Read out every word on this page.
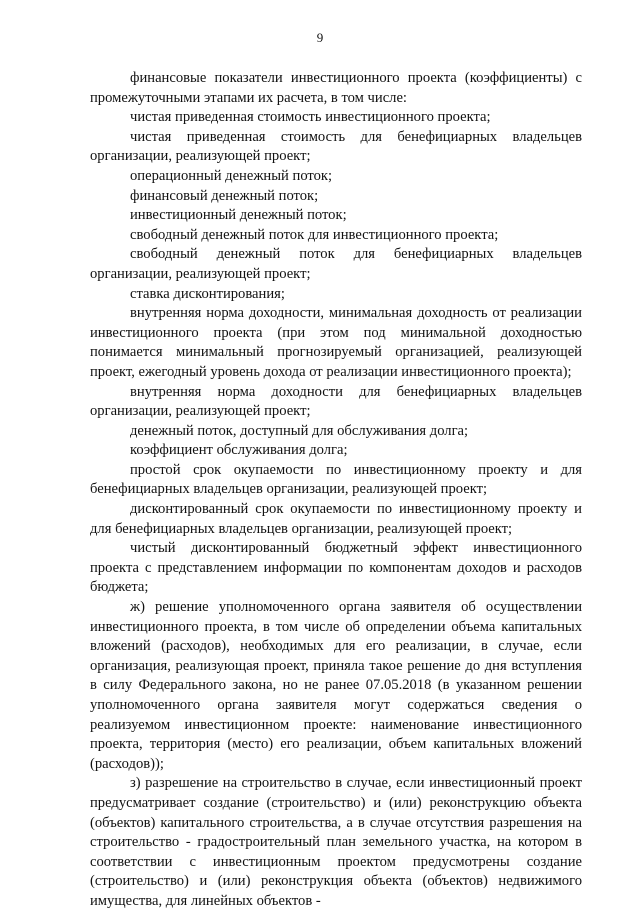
9

финансовые показатели инвестиционного проекта (коэффициенты) с промежуточными этапами их расчета, в том числе:

чистая приведенная стоимость инвестиционного проекта;

чистая приведенная стоимость для бенефициарных владельцев организации, реализующей проект;

операционный денежный поток;

финансовый денежный поток;

инвестиционный денежный поток;

свободный денежный поток для инвестиционного проекта;

свободный денежный поток для бенефициарных владельцев организации, реализующей проект;

ставка дисконтирования;

внутренняя норма доходности, минимальная доходность от реализации инвестиционного проекта (при этом под минимальной доходностью понимается минимальный прогнозируемый организацией, реализующей проект, ежегодный уровень дохода от реализации инвестиционного проекта);

внутренняя норма доходности для бенефициарных владельцев организации, реализующей проект;

денежный поток, доступный для обслуживания долга;

коэффициент обслуживания долга;

простой срок окупаемости по инвестиционному проекту и для бенефициарных владельцев организации, реализующей проект;

дисконтированный срок окупаемости по инвестиционному проекту и для бенефициарных владельцев организации, реализующей проект;

чистый дисконтированный бюджетный эффект инвестиционного проекта с представлением информации по компонентам доходов и расходов бюджета;

ж) решение уполномоченного органа заявителя об осуществлении инвестиционного проекта, в том числе об определении объема капитальных вложений (расходов), необходимых для его реализации, в случае, если организация, реализующая проект, приняла такое решение до дня вступления в силу Федерального закона, но не ранее 07.05.2018 (в указанном решении уполномоченного органа заявителя могут содержаться сведения о реализуемом инвестиционном проекте: наименование инвестиционного проекта, территория (место) его реализации, объем капитальных вложений (расходов));

з) разрешение на строительство в случае, если инвестиционный проект предусматривает создание (строительство) и (или) реконструкцию объекта (объектов) капитального строительства, а в случае отсутствия разрешения на строительство - градостроительный план земельного участка, на котором в соответствии с инвестиционным проектом предусмотрены создание (строительство) и (или) реконструкция объекта (объектов) недвижимого имущества, для линейных объектов -
